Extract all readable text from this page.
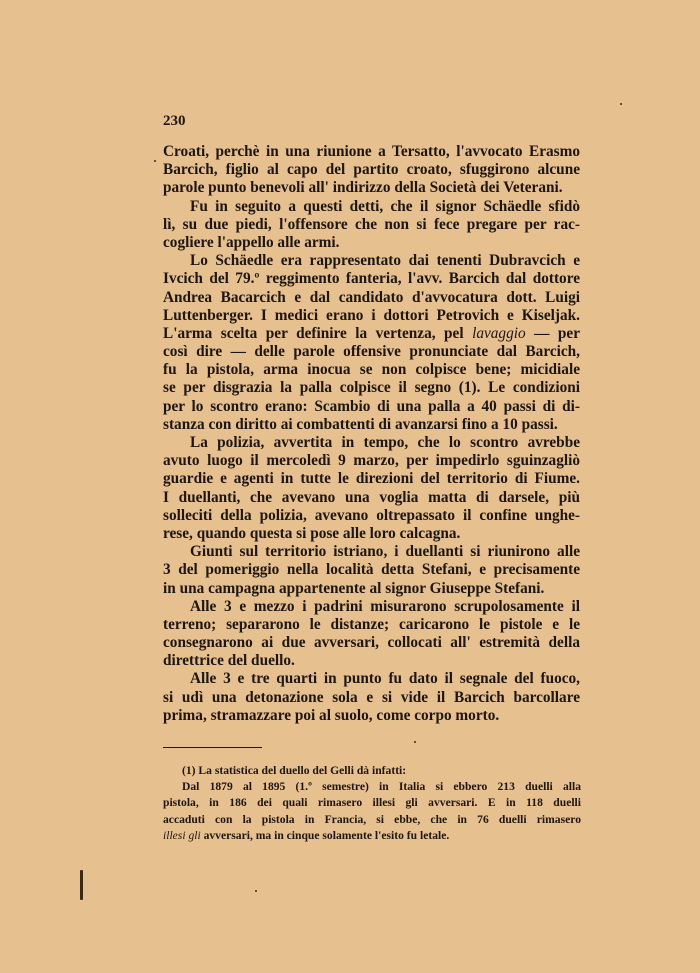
230
Croati, perchè in una riunione a Tersatto, l'avvocato Erasmo
Barcich, figlio al capo del partito croato, sfuggirono alcune
parole punto benevoli all' indirizzo della Società dei Veterani.
Fu in seguito a questi detti, che il signor Schäedle sfidò
lì, su due piedi, l'offensore che non si fece pregare per rac-
cogliere l'appello alle armi.
Lo Schäedle era rappresentato dai tenenti Dubravcich e
Ivcich del 79.º reggimento fanteria, l'avv. Barcich dal dottore
Andrea Bacarcich e dal candidato d'avvocatura dott. Luigi
Luttenberger. I medici erano i dottori Petrovich e Kiseljak.
L'arma scelta per definire la vertenza, pel lavaggio — per
così dire — delle parole offensive pronunciate dal Barcich,
fu la pistola, arma inocua se non colpisce bene; micidiale
se per disgrazia la palla colpisce il segno (1). Le condizioni
per lo scontro erano: Scambio di una palla a 40 passi di di-
stanza con diritto ai combattenti di avanzarsi fino a 10 passi.
La polizia, avvertita in tempo, che lo scontro avrebbe
avuto luogo il mercoledì 9 marzo, per impedirlo sguinzagliò
guardie e agenti in tutte le direzioni del territorio di Fiume.
I duellanti, che avevano una voglia matta di darsele, più
solleciti della polizia, avevano oltrepassato il confine unghe-
rese, quando questa si pose alle loro calcagna.
Giunti sul territorio istriano, i duellanti si riunirono alle
3 del pomeriggio nella località detta Stefani, e precisamente
in una campagna appartenente al signor Giuseppe Stefani.
Alle 3 e mezzo i padrini misurarono scrupolosamente il
terreno; separarono le distanze; caricarono le pistole e le
consegnarono ai due avversari, collocati all' estremità della
direttrice del duello.
Alle 3 e tre quarti in punto fu dato il segnale del fuoco,
si udì una detonazione sola e si vide il Barcich barcollare
prima, stramazzare poi al suolo, come corpo morto.
(1) La statistica del duello del Gelli dà infatti:
Dal 1879 al 1895 (1.º semestre) in Italia si ebbero 213 duelli alla
pistola, in 186 dei quali rimasero illesi gli avversari. E in 118 duelli
accaduti con la pistola in Francia, si ebbe, che in 76 duelli rimasero
illesi gli avversari, ma in cinque solamente l'esito fu letale.
